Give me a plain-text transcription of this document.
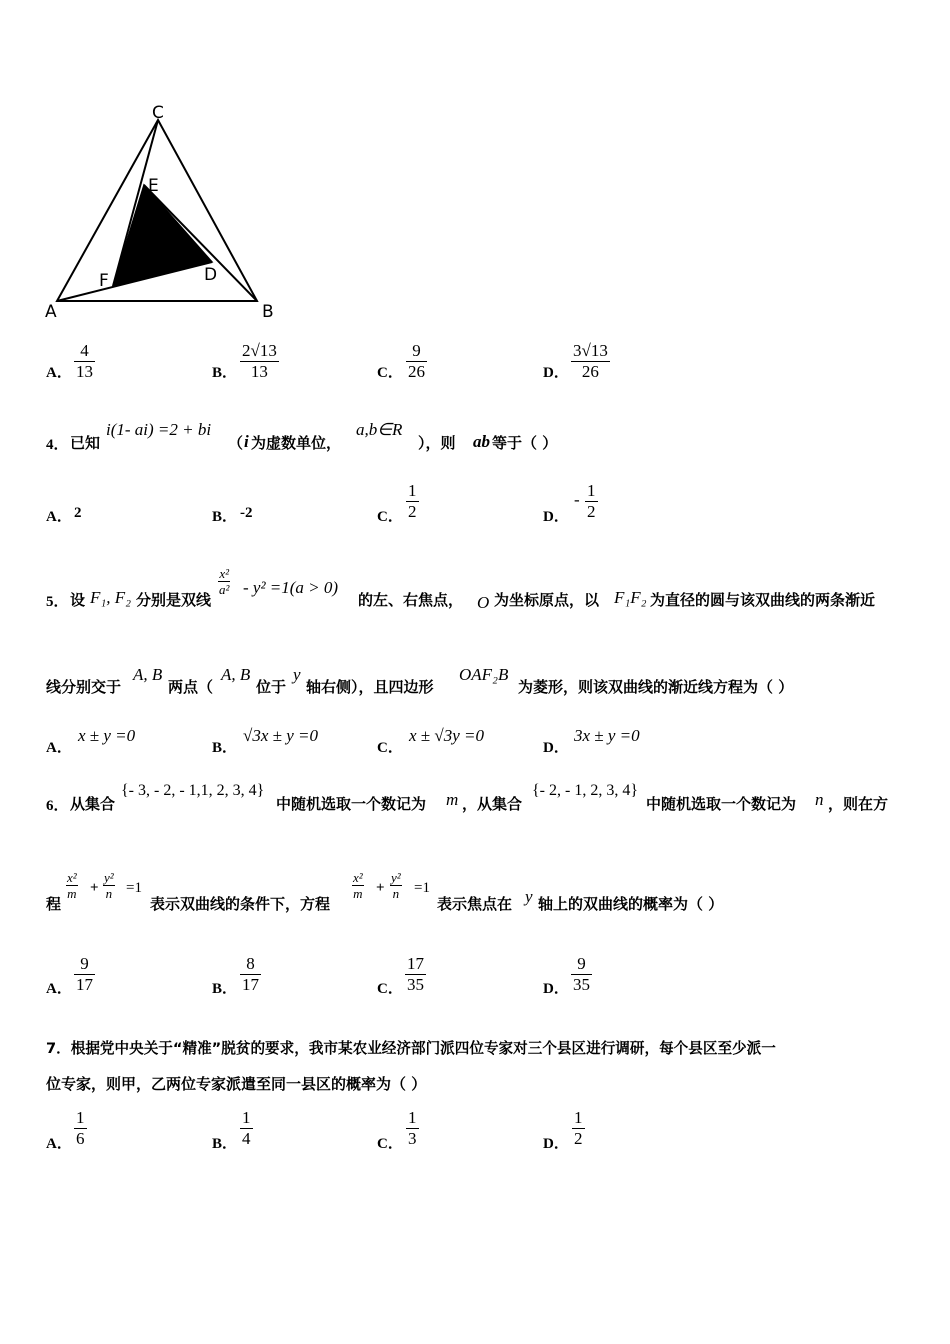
C
E
D
F
A	B
A． $\frac{4}{13}$	B． $\frac{2√13}{13}$	C． $\frac{9}{26}$	D． $\frac{3√13}{26}$
4． 已知
i(1- ai) =2 + bi
（ i 为虚数单位，
a,b∈R
），则 ab 等于（ ）
A． 2	B． -2	C． $\frac{1}{2}$	D．
- $\frac{1}{2}$
5． 设 F₁, F₂ 分别是双线
x²
a² - y² =1(a > 0)
的左、右焦点， O 为坐标原点，以 F₁F₂ 为直径的圆与该双曲线的两条渐近
线分别交于
A, B
两点（
A, B
位于
y
轴右侧），且四边形
OAF₂B
为菱形，则该双曲线的渐近线方程为（ ）
A．
x ± y =0
B．
√3x ± y =0
C．
x ± √3y =0
D．
3x ± y =0
6． 从集合
{- 3, - 2, - 1,1, 2, 3, 4}
中随机选取一个数记为 m ，从集合
{- 2, - 1, 2, 3, 4}
中随机选取一个数记为 n ，则在方
程
x²
m +
y²
n =1
表示双曲线的条件下，方程
x²
m +
y²
n =1
表示焦点在 y 轴上的双曲线的概率为（ ）
A． $\frac{9}{17}$	B． $\frac{8}{17}$	C． $\frac{17}{35}$	D． $\frac{9}{35}$
7．根据党中央关于“精准”脱贫的要求，我市某农业经济部门派四位专家对三个县区进行调研，每个县区至少派一
位专家，则甲，乙两位专家派遣至同一县区的概率为（ ）
A． $\frac{1}{6}$	B． $\frac{1}{4}$	C． $\frac{1}{3}$	D． $\frac{1}{2}$
